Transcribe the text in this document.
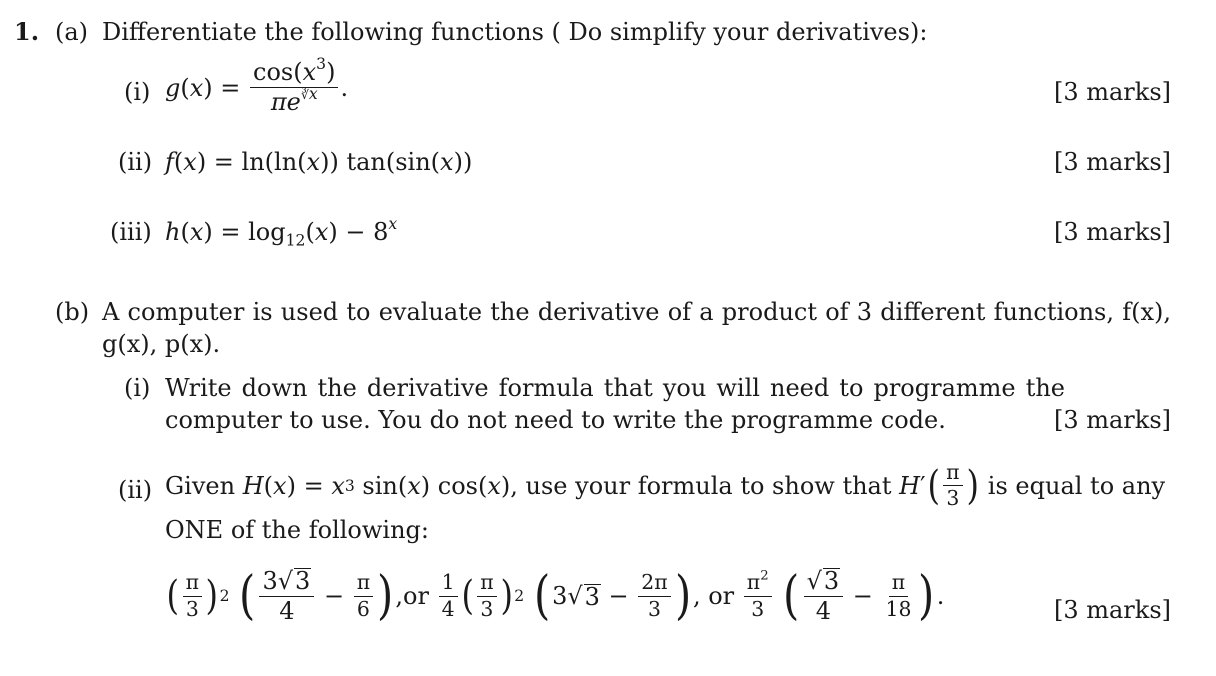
1. (a) Differentiate the following functions ( Do simplify your derivatives):
(i) g ( x ) = $\frac{\cos(x^3)}{\pi e^{∛x}}$ .	[3 marks]
(ii) f(x) = ln(ln(x)) tan(sin(x))	[3 marks]
(iii) $h(x) = \log_{12}(x) - 8^x$	[3 marks]
(b) A computer is used to evaluate the derivative of a product of 3 different functions, f(x), g(x), p(x).
(i) Write down the derivative formula that you will need to programme the computer to use. You do not need to write the programme code.	[3 marks]
(ii) Given
H ( x ) = x 3 sin( x ) cos( x ) , use your formula to show that
H ′ ( $\frac{\pi}{3}$ )
is equal to any
ONE of the following:
( $\frac{\pi}{3}$ ) 2
( $\frac{3√3}{4} - \frac{\pi}{6}$ ) ,or
$\frac{1}{4}$ ( $\frac{\pi}{3}$ ) 2
( 3√ $3 - \frac{2\pi}{3}$ ) , or
$\frac{\pi^2}{3}$
( $\frac{√3}{4} - \frac{\pi}{18}$ ) .	[3 marks]
